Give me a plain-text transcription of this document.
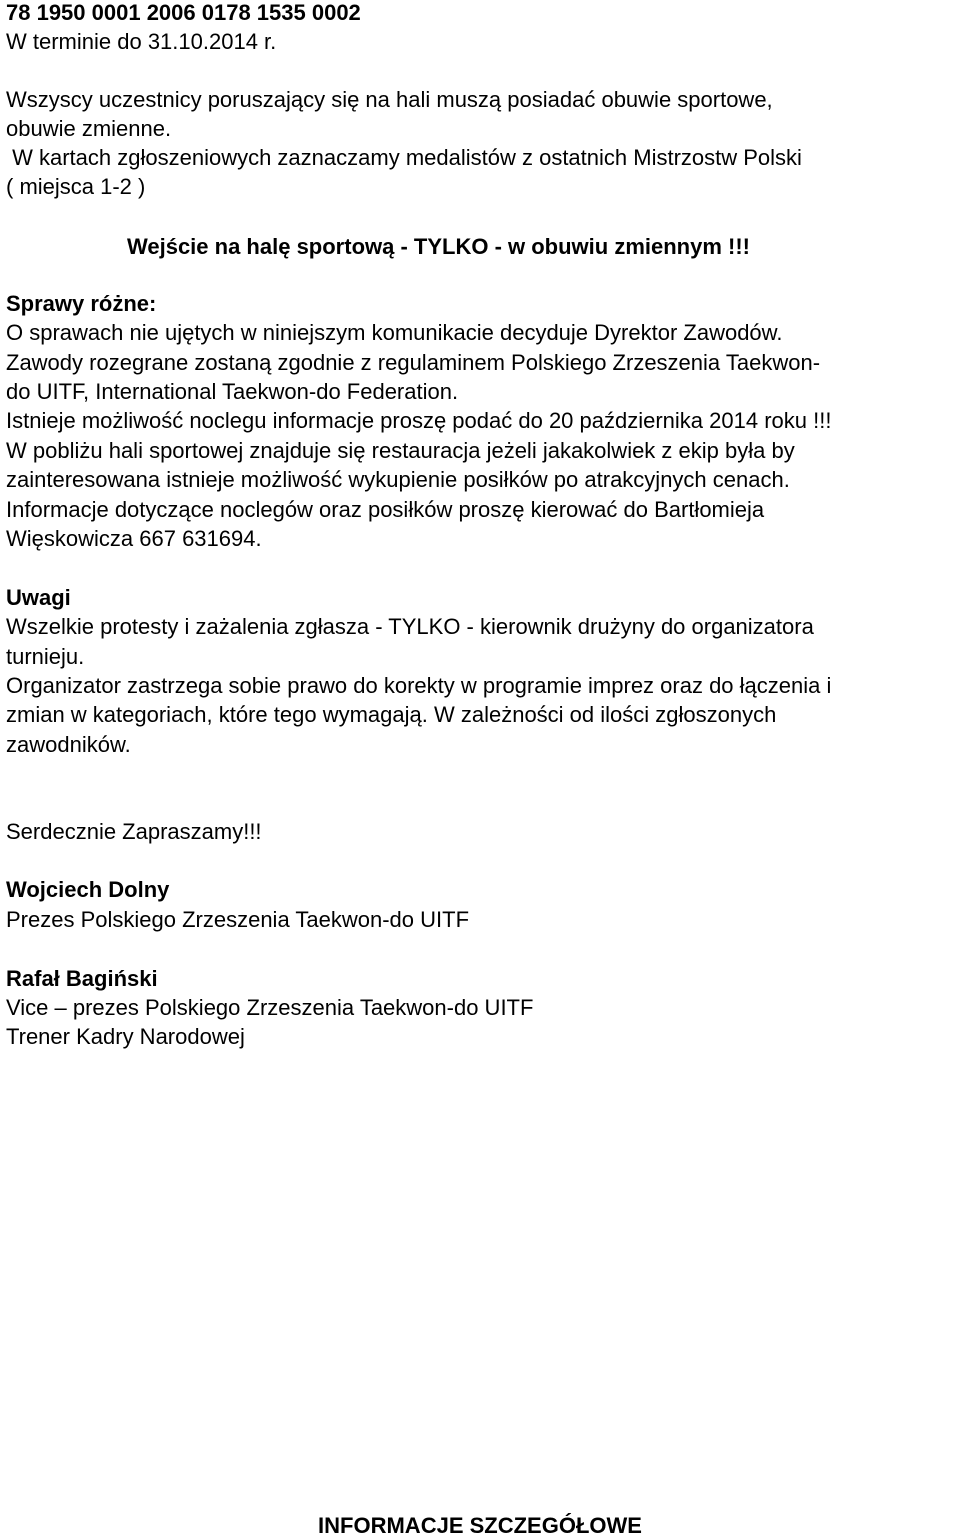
78 1950 0001 2006 0178 1535 0002

W terminie do 31.10.2014 r.

Wszyscy uczestnicy poruszający się na hali muszą posiadać obuwie sportowe,

obuwie zmienne.

W kartach zgłoszeniowych zaznaczamy medalistów z ostatnich Mistrzostw Polski

( miejsca 1-2 )

Wejście na halę sportową - TYLKO - w obuwiu zmiennym !!!

Sprawy różne:

O sprawach nie ujętych w niniejszym komunikacie decyduje Dyrektor Zawodów.

Zawody rozegrane zostaną zgodnie z regulaminem Polskiego Zrzeszenia Taekwon-

do UITF, International Taekwon-do Federation.

Istnieje możliwość noclegu informacje proszę podać do 20 października 2014 roku !!!

W pobliżu hali sportowej znajduje się restauracja jeżeli jakakolwiek z ekip była by

zainteresowana istnieje możliwość wykupienie posiłków po atrakcyjnych cenach.

Informacje dotyczące noclegów oraz posiłków proszę kierować do Bartłomieja

Więskowicza 667 631694.

Uwagi

Wszelkie protesty i zażalenia zgłasza - TYLKO - kierownik drużyny do organizatora

turnieju.

Organizator zastrzega sobie prawo do korekty w programie imprez oraz do łączenia i

zmian w kategoriach, które tego wymagają. W zależności od ilości zgłoszonych

zawodników.

Serdecznie Zapraszamy!!!

Wojciech Dolny

Prezes Polskiego Zrzeszenia Taekwon-do UITF

Rafał Bagiński

Vice – prezes Polskiego Zrzeszenia Taekwon-do UITF

Trener Kadry Narodowej

INFORMACJE SZCZEGÓŁOWE
